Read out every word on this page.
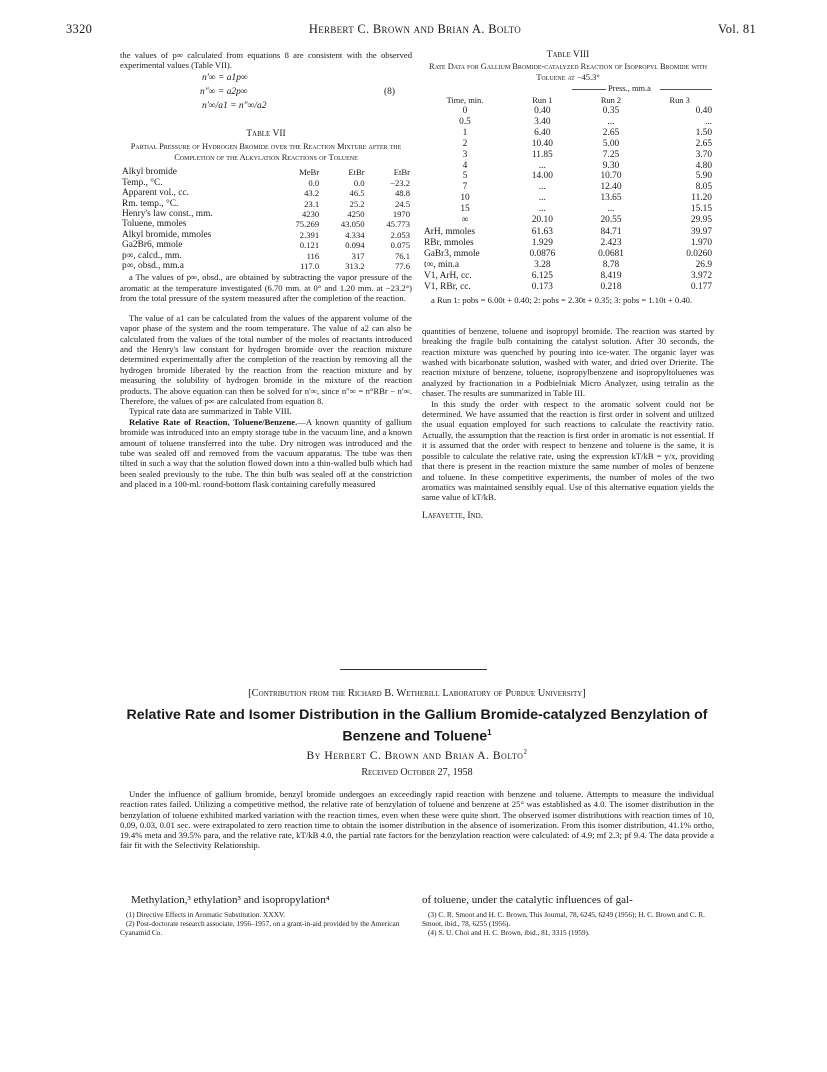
3320	Herbert C. Brown and Brian A. Bolto	Vol. 81
the values of p∞ calculated from equations 8 are consistent with the observed experimental values (Table VII).
n′∞ = a1p∞
n″∞ = a2p∞	(8)
n′∞/a1 = n″∞/a2
Table VII
Partial Pressure of Hydrogen Bromide over the Reaction Mixture after the Completion of the Alkylation Reactions of Toluene
Alkyl bromide	MeBr	EtBr	EtBr
Temp., °C.	0.0	0.0	−23.2
Apparent vol., cc.	43.2	46.5	48.8
Rm. temp., °C.	23.1	25.2	24.5
Henry's law const., mm.	4230	4250	1970
Toluene, mmoles	75.269	43.050	45.773
Alkyl bromide, mmoles	2.391	4.334	2.053
Ga2Br6, mmole	0.121	0.094	0.075
p∞, calcd., mm.	116	317	76.1
p∞, obsd., mm.a	117.0	313.2	77.6
a The values of p∞, obsd., are obtained by subtracting the vapor pressure of the aromatic at the temperature investigated (6.70 mm. at 0° and 1.20 mm. at −23.2°) from the total pressure of the system measured after the completion of the reaction.

The value of a1 can be calculated from the values of the apparent volume of the vapor phase of the system and the room temperature. The value of a2 can also be calculated from the values of the total number of the moles of reactants introduced and the Henry's law constant for hydrogen bromide over the reaction mixture determined experimentally after the completion of the reaction by removing all the hydrogen bromide liberated by the reaction from the reaction mixture and by measuring the solubility of hydrogen bromide in the mixture of the reaction products. The above equation can then be solved for n′∞, since n″∞ = n°RBr − n′∞. Therefore, the values of p∞ are calculated from equation 8.

Typical rate data are summarized in Table VIII.

Relative Rate of Reaction, Toluene/Benzene.—A known quantity of gallium bromide was introduced into an empty storage tube in the vacuum line, and a known amount of toluene transferred into the tube. Dry nitrogen was introduced and the tube was sealed off and removed from the vacuum apparatus. The tube was then tilted in such a way that the solution flowed down into a thin-walled bulb which had been sealed previously to the tube. The thin bulb was sealed off at the constriction and placed in a 100-ml. round-bottom flask containing carefully measured

Table VIII
Rate Data for Gallium Bromide-catalyzed Reaction of Isopropyl Bromide with Toluene at −45.3°
Press., mm.a
Time, min.	Run 1	Run 2	Run 3
0	0.40	0.35	0.40
0.5	3.40	...	...
1	6.40	2.65	1.50
2	10.40	5.00	2.65
3	11.85	7.25	3.70
4	...	9.30	4.80
5	14.00	10.70	5.90
7	...	12.40	8.05
10	...	13.65	11.20
15	...	...	15.15
∞	20.10	20.55	29.95
ArH, mmoles	61.63	84.71	39.97
RBr, mmoles	1.929	2.423	1.970
GaBr3, mmole	0.0876	0.0681	0.0260
t∞, min.a	3.28	8.78	26.9
V1, ArH, cc.	6.125	8.419	3.972
V1, RBr, cc.	0.173	0.218	0.177
a Run 1: pobs = 6.00t + 0.40; 2: pobs = 2.30t + 0.35; 3: pobs = 1.10t + 0.40.

quantities of benzene, toluene and isopropyl bromide. The reaction was started by breaking the fragile bulb containing the catalyst solution. After 30 seconds, the reaction mixture was quenched by pouring into ice-water. The organic layer was washed with bicarbonate solution, washed with water, and dried over Drierite. The reaction mixture of benzene, toluene, isopropylbenzene and isopropyltoluenes was analyzed by fractionation in a Podbielniak Micro Analyzer, using tetralin as the chaser. The results are summarized in Table III.

In this study the order with respect to the aromatic solvent could not be determined. We have assumed that the reaction is first order in solvent and utilized the usual equation employed for such reactions to calculate the reactivity ratio. Actually, the assumption that the reaction is first order in aromatic is not essential. If it is assumed that the order with respect to benzene and toluene is the same, it is possible to calculate the relative rate, using the expression kT/kB = y/x, providing that there is present in the reaction mixture the same number of moles of benzene and toluene. In these competitive experiments, the number of moles of the two aromatics was maintained sensibly equal. Use of this alternative equation yields the same value of kT/kB.

Lafayette, Ind.
[Contribution from the Richard B. Wetherill Laboratory of Purdue University]
Relative Rate and Isomer Distribution in the Gallium Bromide-catalyzed Benzylation of Benzene and Toluene$^1$
By Herbert C. Brown and Brian A. Bolto$^2$
Received October 27, 1958

Under the influence of gallium bromide, benzyl bromide undergoes an exceedingly rapid reaction with benzene and toluene. Attempts to measure the individual reaction rates failed. Utilizing a competitive method, the relative rate of benzylation of toluene and benzene at 25° was established as 4.0. The isomer distribution in the benzylation of toluene exhibited marked variation with the reaction times, even when these were quite short. The observed isomer distributions with reaction times of 10, 0.09, 0.03, 0.01 sec. were extrapolated to zero reaction time to obtain the isomer distribution in the absence of isomerization. From this isomer distribution, 41.1% ortho, 19.4% meta and 39.5% para, and the relative rate, kT/kB 4.0, the partial rate factors for the benzylation reaction were calculated: of 4.9; mf 2.3; pf 9.4. The data provide a fair fit with the Selectivity Relationship.

Methylation,³ ethylation³ and isopropylation⁴
(1) Directive Effects in Aromatic Substitution. XXXV.
(2) Post-doctorate research associate, 1956–1957, on a grant-in-aid provided by the American Cyanamid Co.
of toluene, under the catalytic influences of gal-
(3) C. R. Smoot and H. C. Brown, This Journal, 78, 6245, 6249 (1956); H. C. Brown and C. R. Smoot, ibid., 78, 6255 (1956).
(4) S. U. Choi and H. C. Brown, ibid., 81, 3315 (1959).
